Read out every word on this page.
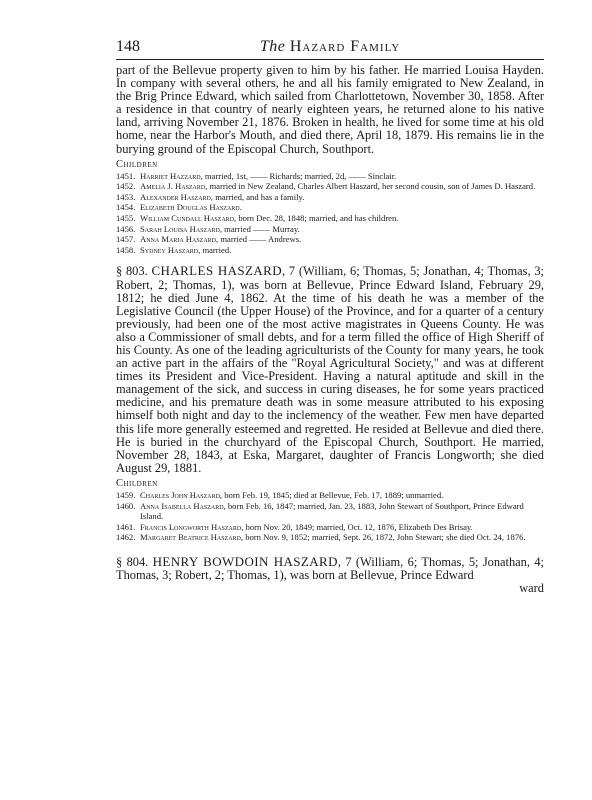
148	The Hazard Family

part of the Bellevue property given to him by his father. He married Louisa Hayden. In company with several others, he and all his family emigrated to New Zealand, in the Brig Prince Edward, which sailed from Charlottetown, November 30, 1858. After a residence in that country of nearly eighteen years, he returned alone to his native land, arriving November 21, 1876. Broken in health, he lived for some time at his old home, near the Harbor's Mouth, and died there, April 18, 1879. His remains lie in the burying ground of the Episcopal Church, Southport.

Children
1451. Harriet Hazzard, married, 1st, —— Richards; married, 2d, —— Sinclair.
1452. Amelia J. Haszard, married in New Zealand, Charles Albert Haszard, her second cousin, son of James D. Haszard.
1453. Alexander Haszard, married, and has a family.
1454. Elizabeth Douglas Haszard.
1455. William Cundall Haszard, born Dec. 28, 1848; married, and has children.
1456. Sarah Louisa Haszard, married —— Murray.
1457. Anna Maria Haszard, married —— Andrews.
1458. Sydney Haszard, married.

§ 803. CHARLES HASZARD, 7 (William, 6; Thomas, 5; Jonathan, 4; Thomas, 3; Robert, 2; Thomas, 1), was born at Bellevue, Prince Edward Island, February 29, 1812; he died June 4, 1862. At the time of his death he was a member of the Legislative Council (the Upper House) of the Province, and for a quarter of a century previously, had been one of the most active magistrates in Queens County. He was also a Commissioner of small debts, and for a term filled the office of High Sheriff of his County. As one of the leading agriculturists of the County for many years, he took an active part in the affairs of the "Royal Agricultural Society," and was at different times its President and Vice-President. Having a natural aptitude and skill in the management of the sick, and success in curing diseases, he for some years practiced medicine, and his premature death was in some measure attributed to his exposing himself both night and day to the inclemency of the weather. Few men have departed this life more generally esteemed and regretted. He resided at Bellevue and died there. He is buried in the churchyard of the Episcopal Church, Southport. He married, November 28, 1843, at Eska, Margaret, daughter of Francis Longworth; she died August 29, 1881.

Children
1459. Charles John Haszard, born Feb. 19, 1845; died at Bellevue, Feb. 17, 1889; unmarried.
1460. Anna Isabella Haszard, born Feb. 16, 1847; married, Jan. 23, 1883, John Stewart of Southport, Prince Edward Island.
1461. Francis Longworth Haszard, born Nov. 20, 1849; married, Oct. 12, 1876, Elizabeth Des Brisay.
1462. Margaret Beatrice Haszard, born Nov. 9, 1852; married, Sept. 26, 1872, John Stewart; she died Oct. 24, 1876.

§ 804. HENRY BOWDOIN HASZARD, 7 (William, 6; Thomas, 5; Jonathan, 4; Thomas, 3; Robert, 2; Thomas, 1), was born at Bellevue, Prince Edward

ward
